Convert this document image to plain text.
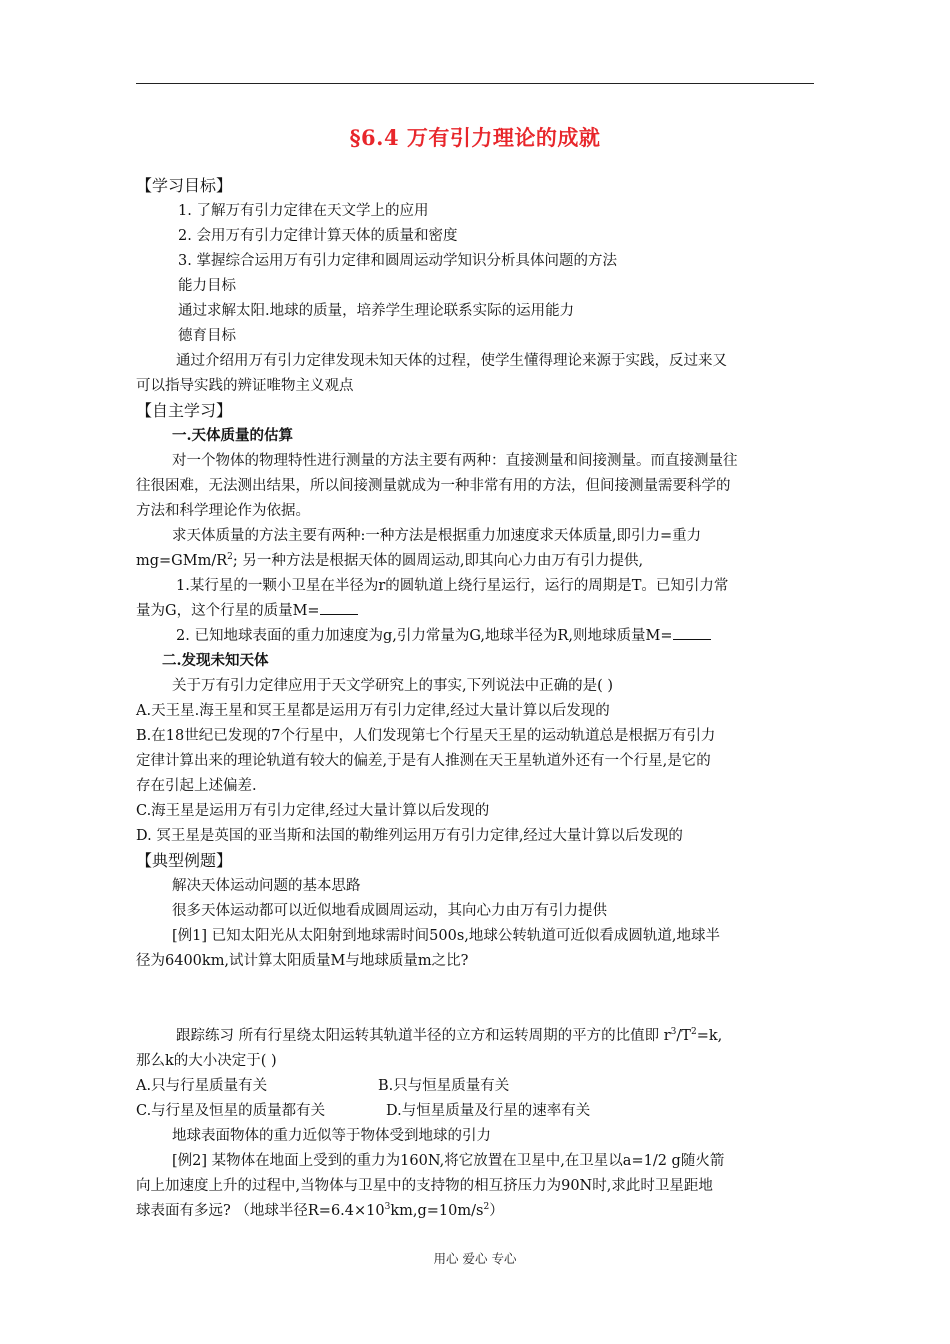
§6.4 万有引力理论的成就
【学习目标】
1. 了解万有引力定律在天文学上的应用
2. 会用万有引力定律计算天体的质量和密度
3. 掌握综合运用万有引力定律和圆周运动学知识分析具体问题的方法
能力目标
通过求解太阳.地球的质量，培养学生理论联系实际的运用能力
德育目标
通过介绍用万有引力定律发现未知天体的过程，使学生懂得理论来源于实践，反过来又
可以指导实践的辨证唯物主义观点
【自主学习】
一.天体质量的估算
对一个物体的物理特性进行测量的方法主要有两种：直接测量和间接测量。而直接测量往
往很困难，无法测出结果，所以间接测量就成为一种非常有用的方法，但间接测量需要科学的
方法和科学理论作为依据。
求天体质量的方法主要有两种:一种方法是根据重力加速度求天体质量,即引力=重力
$mg=GMm/R^2$; 另一种方法是根据天体的圆周运动,即其向心力由万有引力提供,
1.某行星的一颗小卫星在半径为r的圆轨道上绕行星运行，运行的周期是T。已知引力常
量为G，这个行星的质量M=
2. 已知地球表面的重力加速度为g,引力常量为G,地球半径为R,则地球质量M=
二.发现未知天体
关于万有引力定律应用于天文学研究上的事实,下列说法中正确的是( )
A.天王星.海王星和冥王星都是运用万有引力定律,经过大量计算以后发现的
B.在18世纪已发现的7个行星中，人们发现第七个行星天王星的运动轨道总是根据万有引力
定律计算出来的理论轨道有较大的偏差,于是有人推测在天王星轨道外还有一个行星,是它的
存在引起上述偏差.
C.海王星是运用万有引力定律,经过大量计算以后发现的
D. 冥王星是英国的亚当斯和法国的勒维列运用万有引力定律,经过大量计算以后发现的
【典型例题】
解决天体运动问题的基本思路
很多天体运动都可以近似地看成圆周运动，其向心力由万有引力提供
[例1] 已知太阳光从太阳射到地球需时间500s,地球公转轨道可近似看成圆轨道,地球半
径为6400km,试计算太阳质量M与地球质量m之比?
跟踪练习 所有行星绕太阳运转其轨道半径的立方和运转周期的平方的比值即 $r^3/T^2=k$,
那么k的大小决定于( )
A.只与行星质量有关	B.只与恒星质量有关
C.与行星及恒星的质量都有关	D.与恒星质量及行星的速率有关
地球表面物体的重力近似等于物体受到地球的引力
[例2] 某物体在地面上受到的重力为160N,将它放置在卫星中,在卫星以a=1/2 g随火箭
向上加速度上升的过程中,当物体与卫星中的支持物的相互挤压力为90N时,求此时卫星距地
球表面有多远? （地球半径$R=6.4\times 10^3km,g=10m/s^2$）
用心 爱心 专心
